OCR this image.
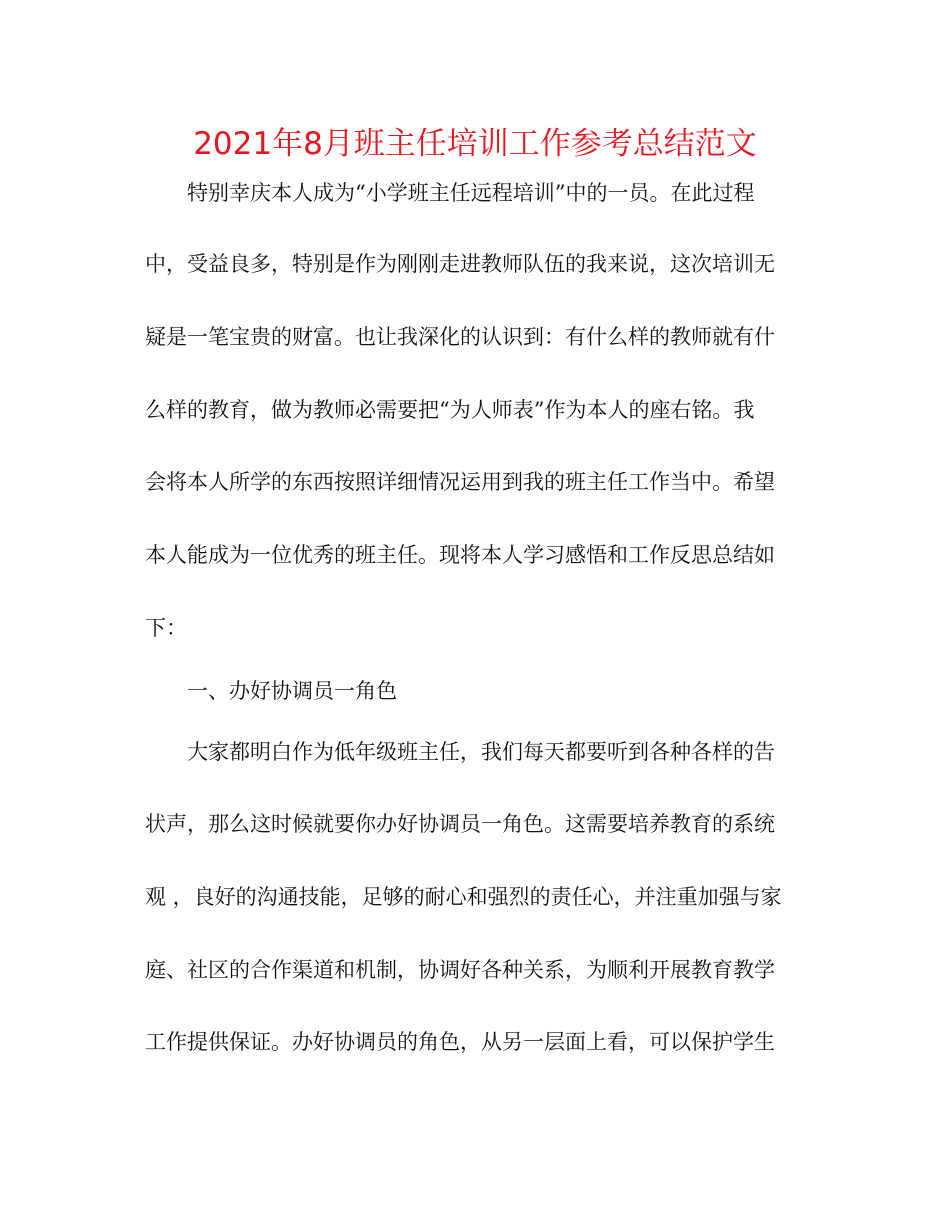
2021年8月班主任培训工作参考总结范文
特别幸庆本人成为“小学班主任远程培训”中的一员。在此过程
中，受益良多，特别是作为刚刚走进教师队伍的我来说，这次培训无
疑是一笔宝贵的财富。也让我深化的认识到：有什么样的教师就有什
么样的教育，做为教师必需要把“为人师表”作为本人的座右铭。我
会将本人所学的东西按照详细情况运用到我的班主任工作当中。希望
本人能成为一位优秀的班主任。现将本人学习感悟和工作反思总结如
下：
一、办好协调员一角色
大家都明白作为低年级班主任，我们每天都要听到各种各样的告
状声，那么这时候就要你办好协调员一角色。这需要培养教育的系统
观 ，良好的沟通技能，足够的耐心和强烈的责任心，并注重加强与家
庭、社区的合作渠道和机制，协调好各种关系，为顺利开展教育教学
工作提供保证。办好协调员的角色，从另一层面上看，可以保护学生
